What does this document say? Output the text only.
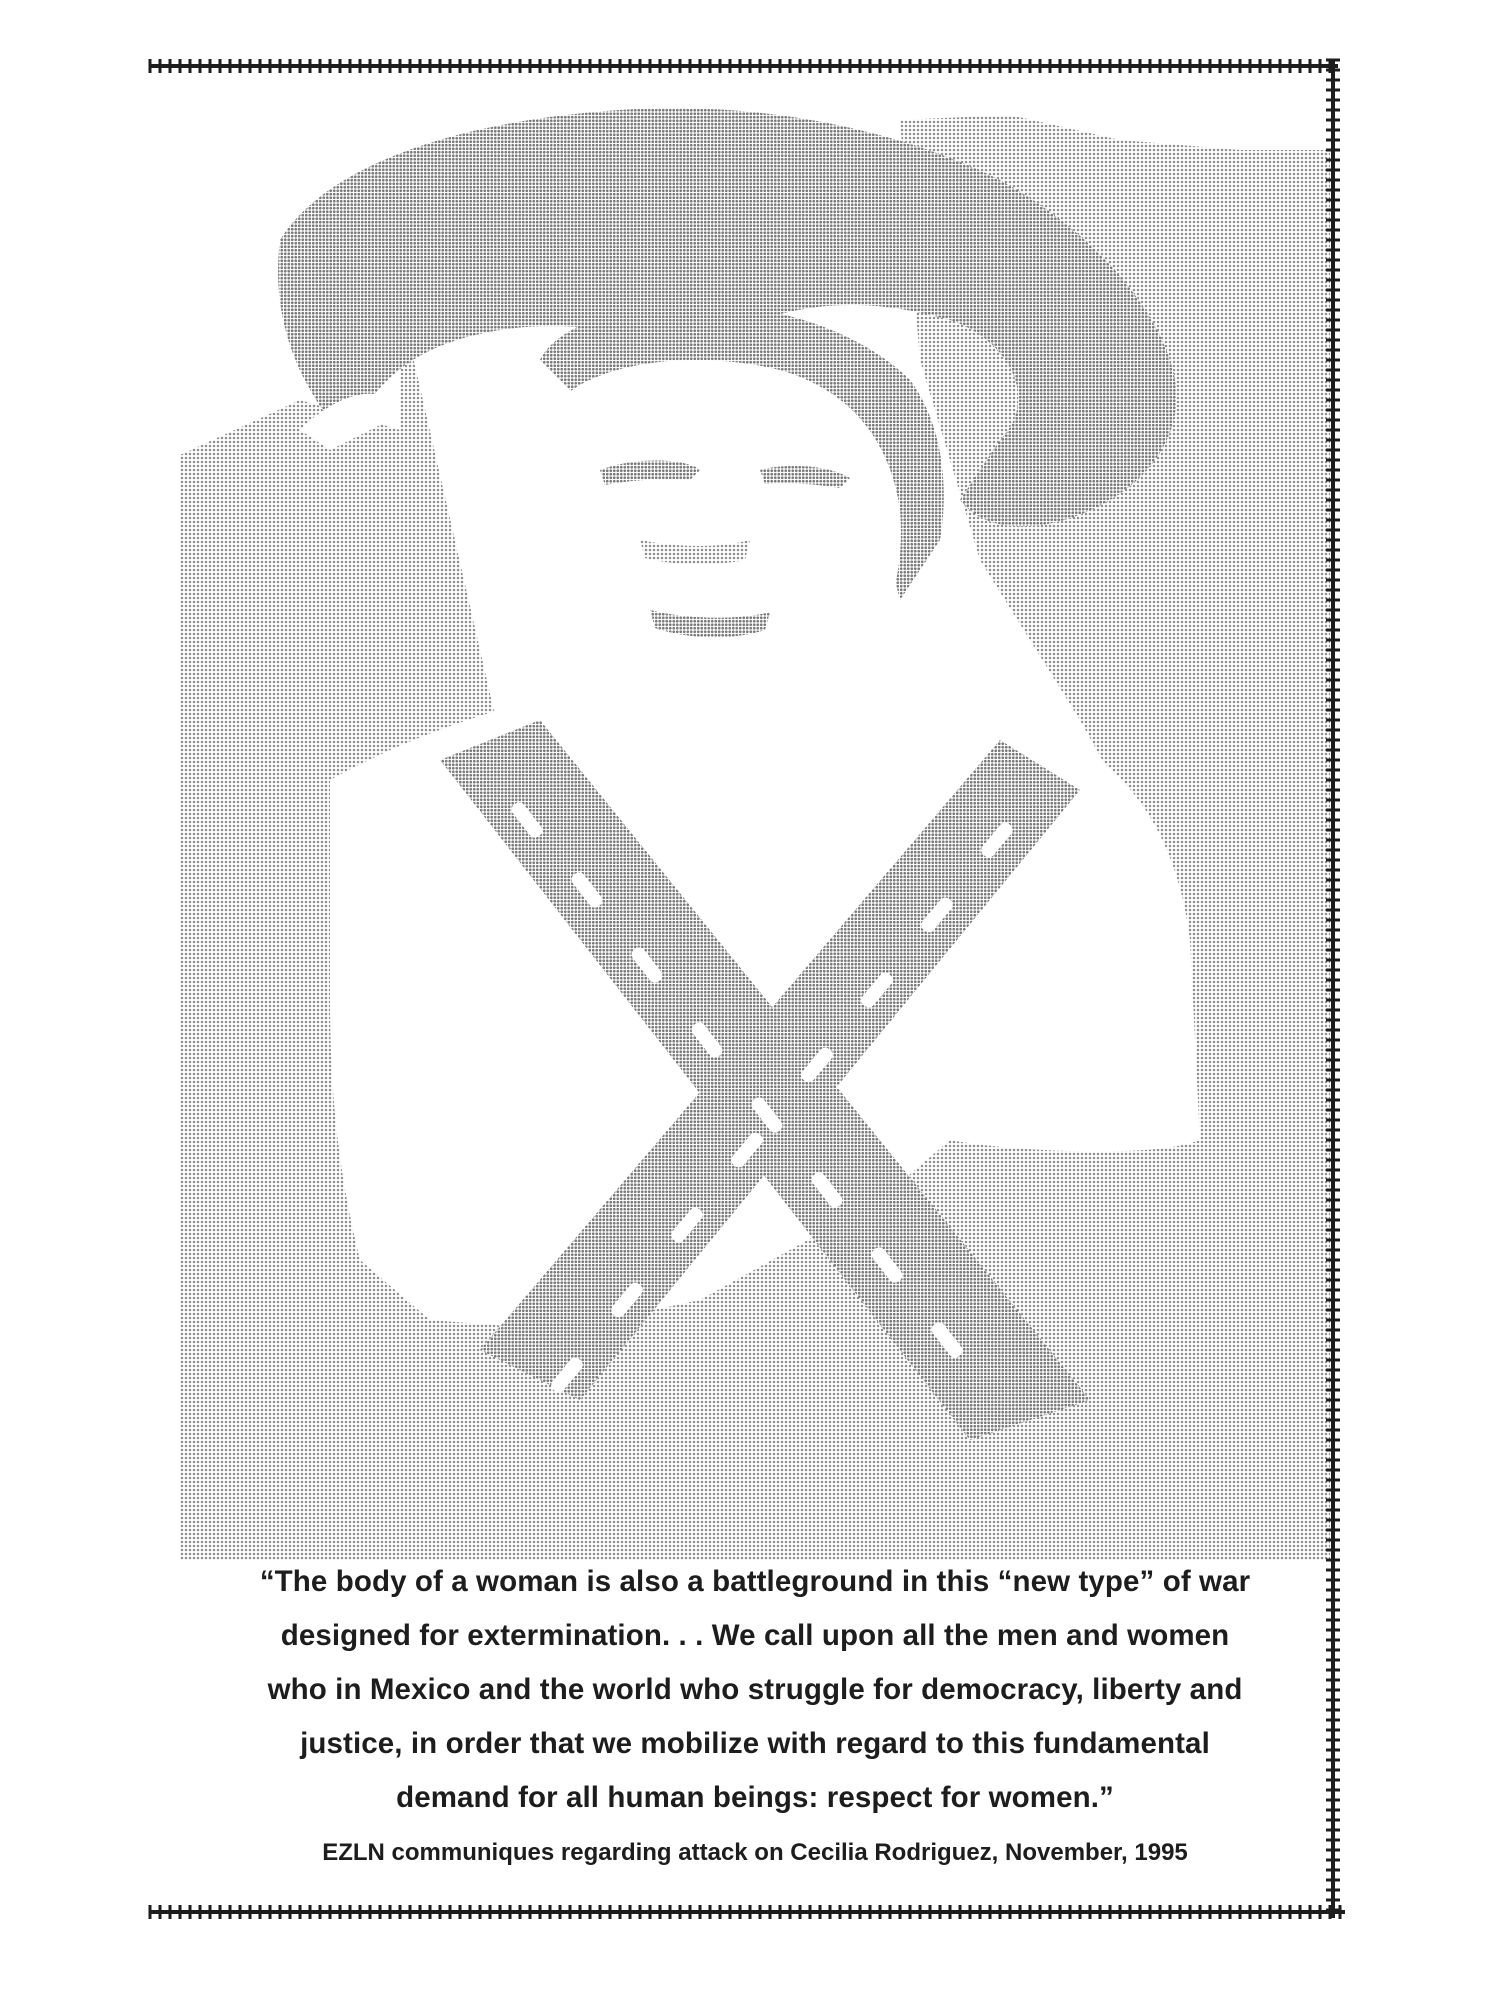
“The body of a woman is also a battleground in this “new type” of war
designed for extermination. . . We call upon all the men and women
who in Mexico and the world who struggle for democracy, liberty and
justice, in order that we mobilize with regard to this fundamental
demand for all human beings: respect for women.”
EZLN communiques regarding attack on Cecilia Rodriguez, November, 1995
